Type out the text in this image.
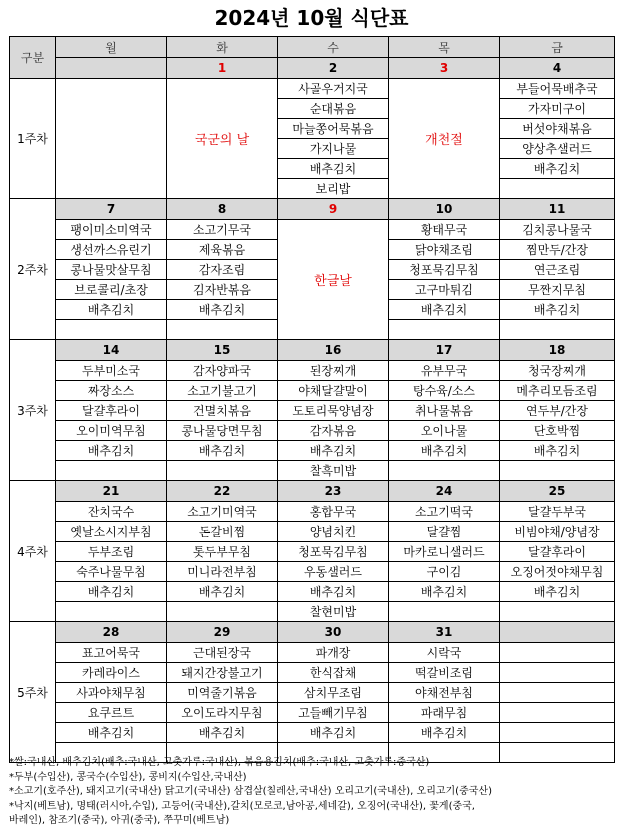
2024년 10월 식단표
구분	월	화	수	목	금
		1	2	3	4
1주차		국군의 날	사골우거지국	개천절	부들어묵배추국
			순대볶음		가자미구이
			마늘쫑어묵볶음		버섯야채볶음
			가지나물		양상추샐러드
			배추김치		배추김치
			보리밥		
2주차	7	8	9	10	11
	팽이미소미역국	소고기무국	한글날	황태무국	김치콩나물국
	생선까스유린기	제육볶음		닭야채조림	찜만두/간장
	콩나물맛살무침	감자조림		청포묵김무침	연근조림
	브로콜리/초장	김자반볶음		고구마튀김	무짠지무침
	배추김치	배추김치		배추김치	배추김치

3주차	14	15	16	17	18
	두부미소국	감자양파국	된장찌개	유부무국	청국장찌개
	짜장소스	소고기불고기	야채달걀말이	탕수육/소스	메추리모듬조림
	달걀후라이	건멸치볶음	도토리묵양념장	취나물볶음	연두부/간장
	오이미역무침	콩나물당면무침	감자볶음	오이나물	단호박찜
	배추김치	배추김치	배추김치	배추김치	배추김치
			찰흑미밥		
4주차	21	22	23	24	25
	잔치국수	소고기미역국	홍합무국	소고기떡국	달걀두부국
	옛날소시지부침	돈갈비찜	양념치킨	달걀찜	비빔야채/양념장
	두부조림	톳두부무침	청포묵김무침	마카로니샐러드	달걀후라이
	숙주나물무침	미니라전부침	우동샐러드	구이김	오징어젓야채무침
	배추김치	배추김치	배추김치	배추김치	배추김치
			찰현미밥		
5주차	28	29	30	31	
	표고어묵국	근대된장국	파개장	시락국	
	카레라이스	돼지간장불고기	한식잡채	떡갈비조림	
	사과야채무침	미역줄기볶음	삼치무조림	야채전부침	
	요쿠르트	오이도라지무침	고들빼기무침	파래무침	
	배추김치	배추김치	배추김치	배추김치	

*쌀:국내산, 배추김치(배추:국내산, 고춧가루:국내산), 볶음용김치(배추:국내산, 고춧가루:중국산)
*두부(수입산), 콩국수(수입산), 콩비지(수입산,국내산)
*소고기(호주산), 돼지고기(국내산) 닭고기(국내산) 삼겹살(칠레산,국내산) 오리고기(국내산), 오리고기(중국산)
*낙지(베트남), 명태(러시아,수입), 고등어(국내산),갈치(모로코,남아공,세네갈), 오징어(국내산), 꽃게(중국,
바레인), 참조기(중국), 아귀(중국), 쭈꾸미(베트남)
